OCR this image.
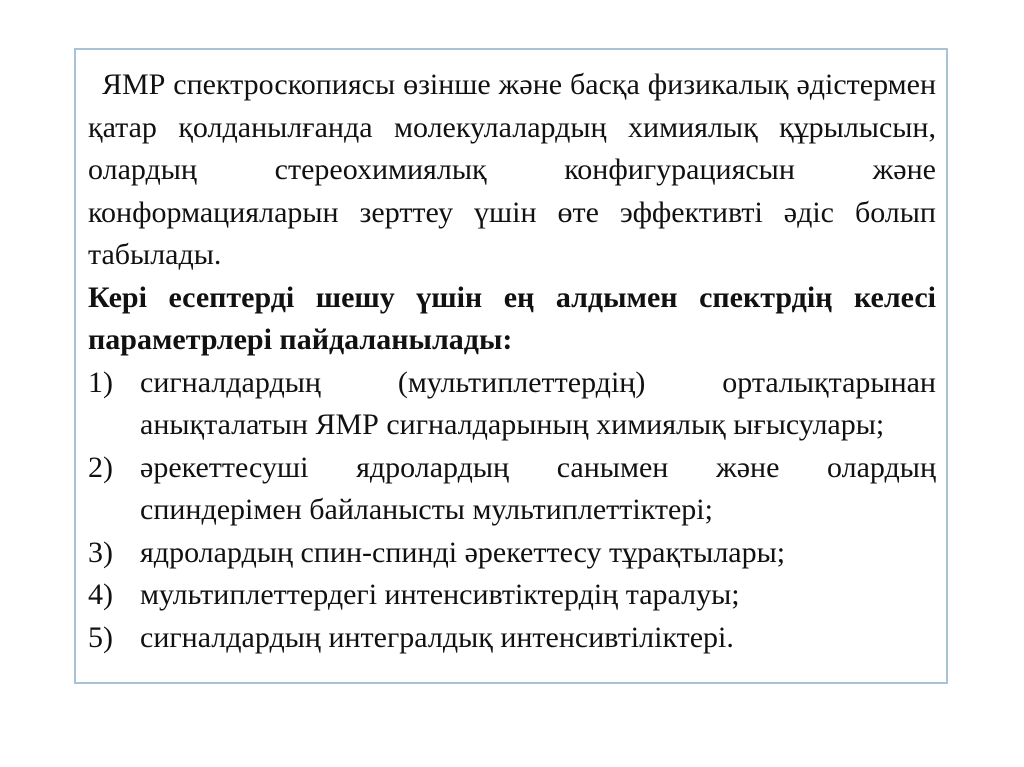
ЯМР спектроскопиясы өзінше және басқа физикалық әдістермен қатар қолданылғанда молекулалардың химиялық құрылысын, олардың стереохимиялық конфигурациясын және конформацияларын зерттеу үшін өте эффективті әдіс болып табылады.

Кері есептерді шешу үшін ең алдымен спектрдің келесі параметрлері пайдаланылады:

1) сигналдардың (мультиплеттердің) орталықтарынан анықталатын ЯМР сигналдарының химиялық ығысулары;
2) әрекеттесуші ядролардың санымен және олардың спиндерімен байланысты мультиплеттіктері;
3) ядролардың спин-спинді әрекеттесу тұрақтылары;
4) мультиплеттердегі интенсивтіктердің таралуы;
5) сигналдардың интегралдық интенсивтіліктері.
